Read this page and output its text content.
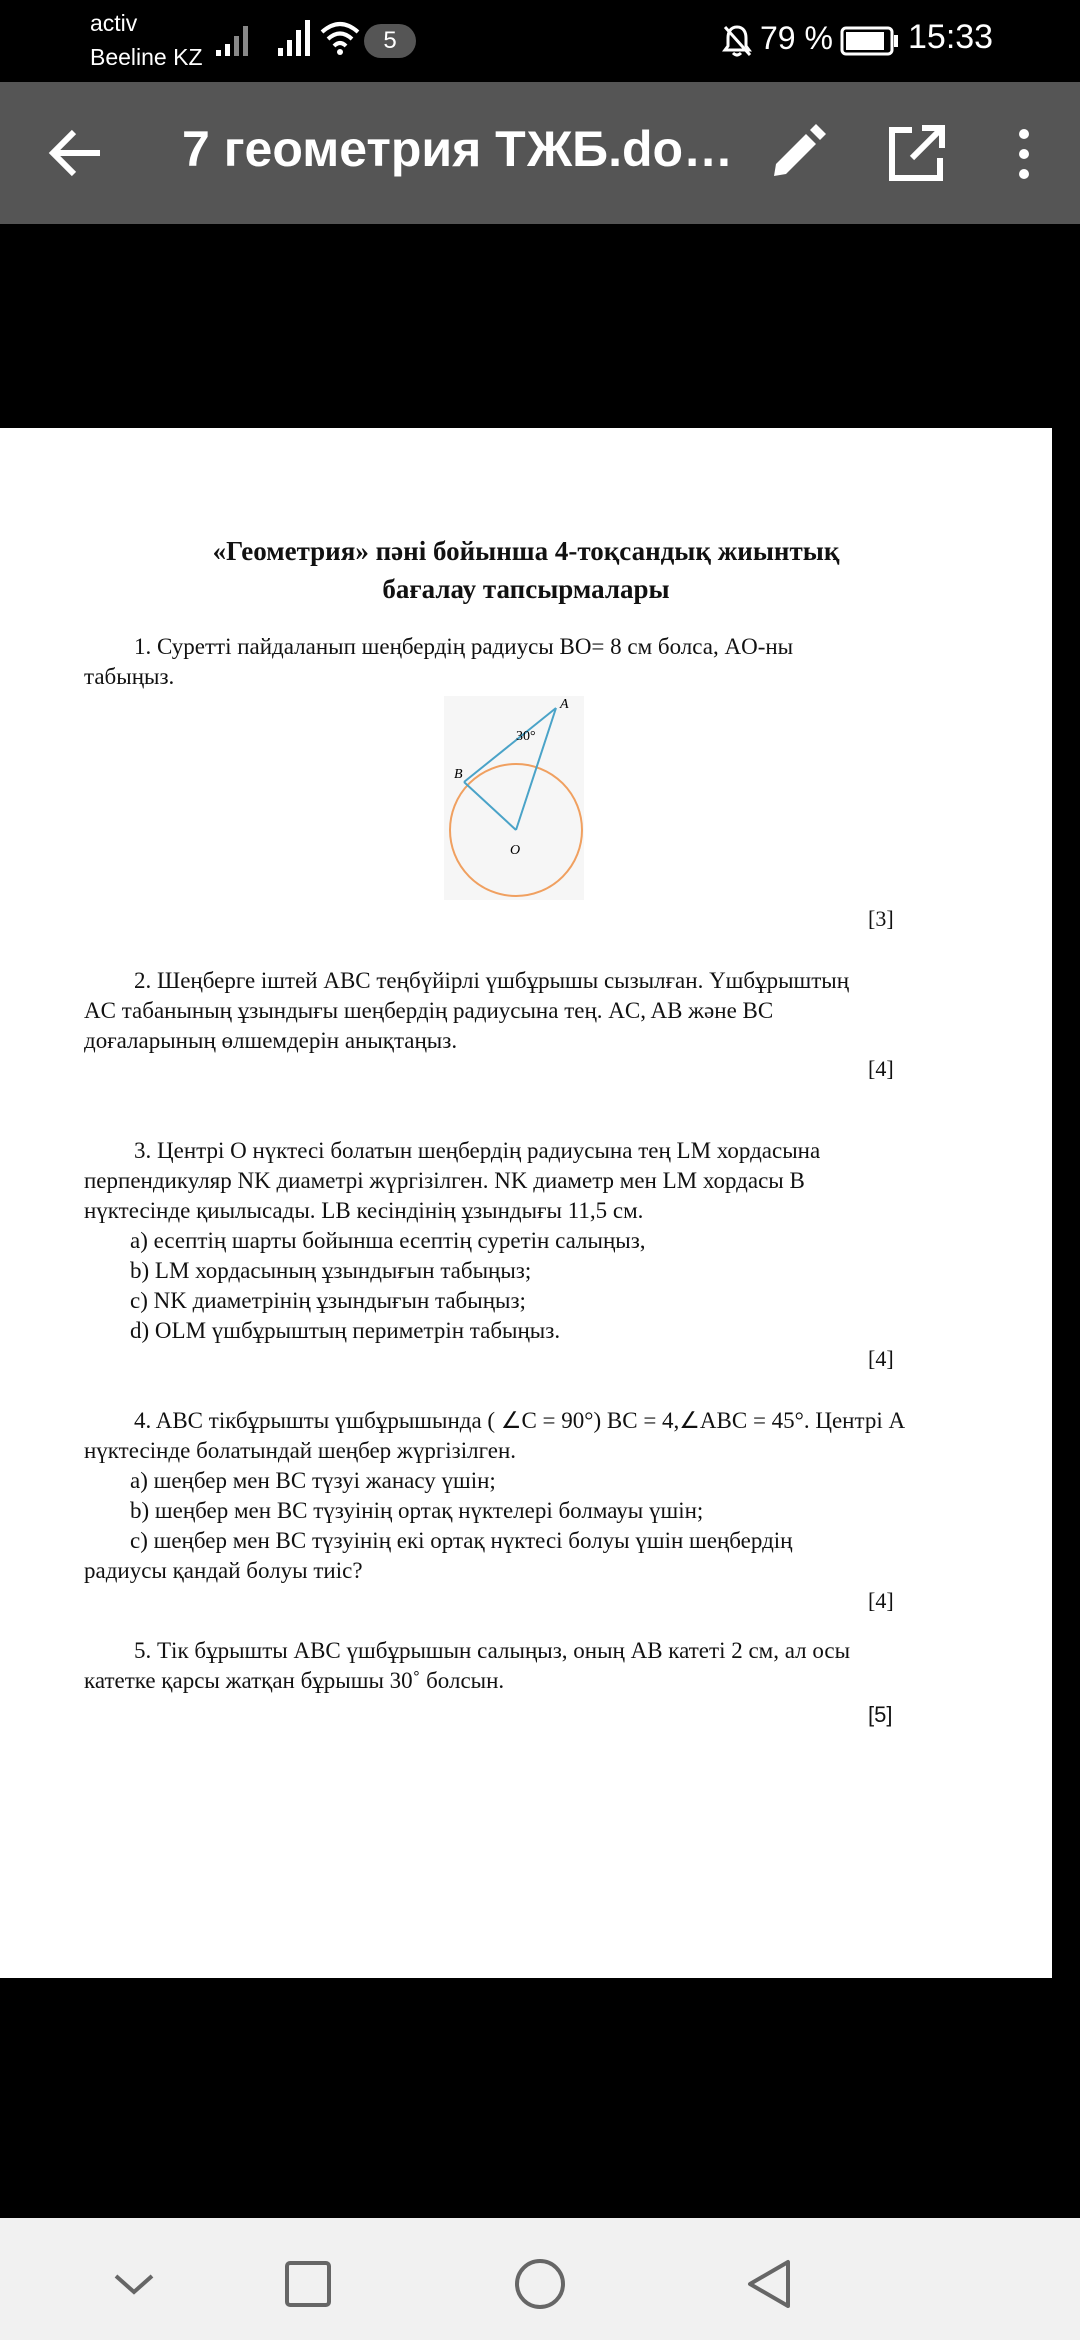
activ
Beeline KZ
5	79 % 15:33
7 геометрия ТЖБ.do…
«Геометрия» пәні бойынша 4-тоқсандық жиынтық
бағалау тапсырмалары
1. Суретті пайдаланып шеңбердің радиусы BO= 8 см болса, AO-ны
табыңыз.
A
B
O
30°
[3]
2. Шеңберге іштей ABC теңбүйірлі үшбұрышы сызылған. Үшбұрыштың
AC табанының ұзындығы шеңбердің радиусына тең. AC, AB және BC
доғаларының өлшемдерін анықтаңыз.
[4]
3. Центрі О нүктесі болатын шеңбердің радиусына тең LM хордасына
перпендикуляр NK диаметрі жүргізілген. NK диаметр мен LM хордасы B
нүктесінде қиылысады. LB кесіндінің ұзындығы 11,5 см.
a) есептің шарты бойынша есептің суретін салыңыз,
b) LM хордасының ұзындығын табыңыз;
c) NK диаметрінің ұзындығын табыңыз;
d) OLM үшбұрыштың периметрін табыңыз.
[4]
4. ABC тікбұрышты үшбұрышында ( ∠C = 90°) BC = 4,∠ABC = 45°. Центрі A
нүктесінде болатындай шеңбер жүргізілген.
a) шеңбер мен BC түзуі жанасу үшін;
b) шеңбер мен BC түзуінің ортақ нүктелері болмауы үшін;
c) шеңбер мен BC түзуінің екі ортақ нүктесі болуы үшін шеңбердің
радиусы қандай болуы тиіс?
[4]
5. Тік бұрышты ABC үшбұрышын салыңыз, оның AB катеті 2 см, ал осы
катетке қарсы жатқан бұрышы 30˚ болсын.
[5]
